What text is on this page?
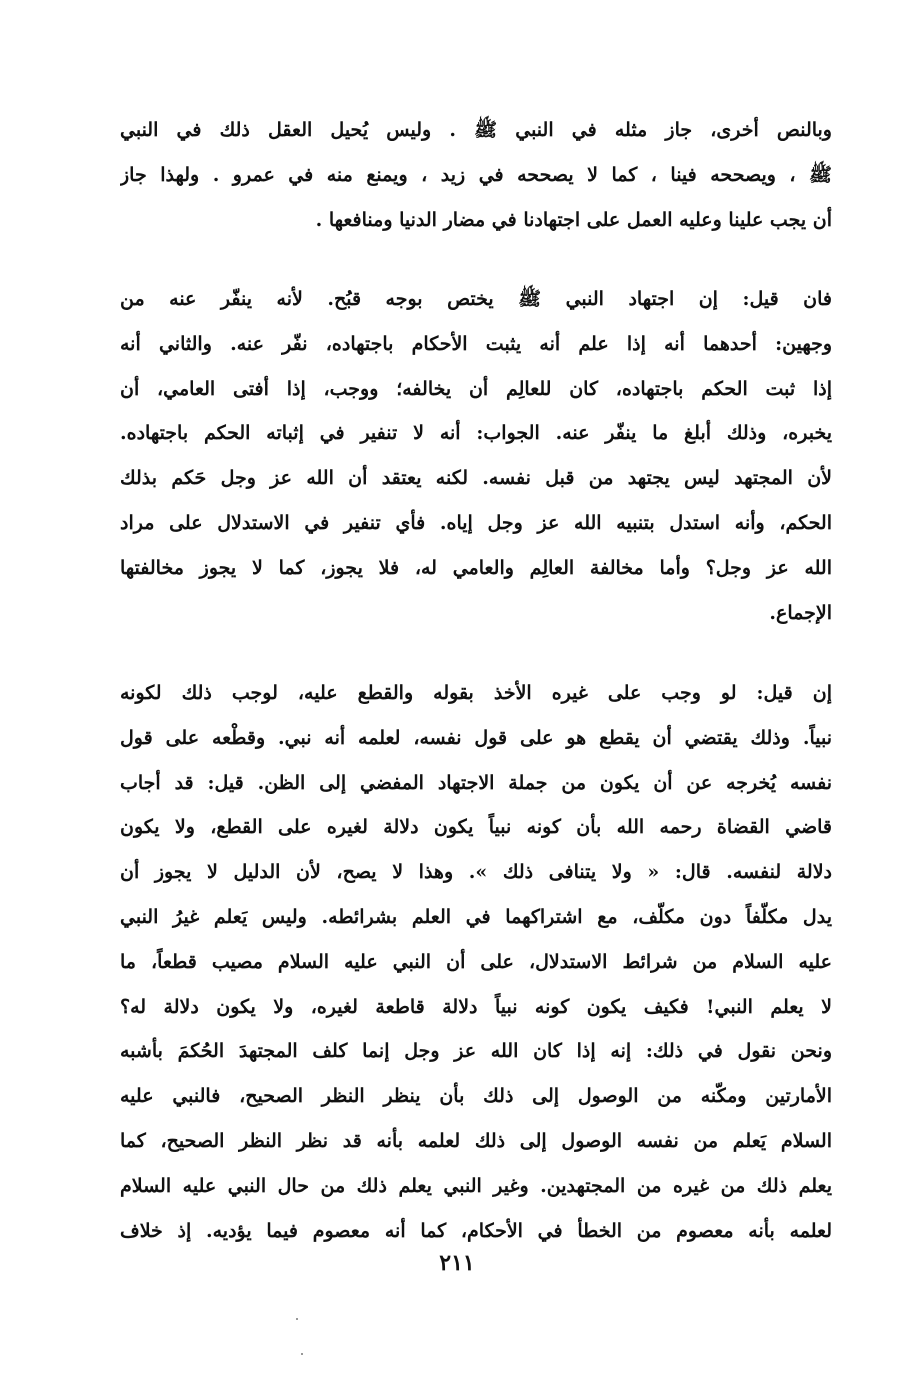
وبالنص أخرى، جاز مثله في النبي ﷺ . وليس يُحيل العقل ذلك في النبي
ﷺ ، ويصححه فينا ، كما لا يصححه في زيد ، ويمنع منه في عمرو . ولهذا جاز
أن يجب علينا وعليه العمل على اجتهادنا في مضار الدنيا ومنافعها .
فان قيل: إن اجتهاد النبي ﷺ يختص بوجه قبُح. لأنه ينفّر عنه من
وجهين: أحدهما أنه إذا علم أنه يثبت الأحكام باجتهاده، نفّر عنه. والثاني أنه
إذا ثبت الحكم باجتهاده، كان للعالِم أن يخالفه؛ ووجب، إذا أفتى العامي، أن
يخبره، وذلك أبلغ ما ينفّر عنه. الجواب: أنه لا تنفير في إثباته الحكم باجتهاده.
لأن المجتهد ليس يجتهد من قبل نفسه. لكنه يعتقد أن الله عز وجل حَكم بذلك
الحكم، وأنه استدل بتنبيه الله عز وجل إياه. فأي تنفير في الاستدلال على مراد
الله عز وجل؟ وأما مخالفة العالِم والعامي له، فلا يجوز، كما لا يجوز مخالفتها
الإجماع.
إن قيل: لو وجب على غيره الأخذ بقوله والقطع عليه، لوجب ذلك لكونه
نبياً. وذلك يقتضي أن يقطع هو على قول نفسه، لعلمه أنه نبي. وقطْعه على قول
نفسه يُخرجه عن أن يكون من جملة الاجتهاد المفضي إلى الظن. قيل: قد أجاب
قاضي القضاة رحمه الله بأن كونه نبياً يكون دلالة لغيره على القطع، ولا يكون
دلالة لنفسه. قال: « ولا يتنافى ذلك ». وهذا لا يصح، لأن الدليل لا يجوز أن
يدل مكلّفاً دون مكلّف، مع اشتراكهما في العلم بشرائطه. وليس يَعلم غيرُ النبي
عليه السلام من شرائط الاستدلال، على أن النبي عليه السلام مصيب قطعاً، ما
لا يعلم النبي! فكيف يكون كونه نبياً دلالة قاطعة لغيره، ولا يكون دلالة له؟
ونحن نقول في ذلك: إنه إذا كان الله عز وجل إنما كلف المجتهدَ الحُكمَ بأشبه
الأمارتين ومكّنه من الوصول إلى ذلك بأن ينظر النظر الصحيح، فالنبي عليه
السلام يَعلم من نفسه الوصول إلى ذلك لعلمه بأنه قد نظر النظر الصحيح، كما
يعلم ذلك من غيره من المجتهدين. وغير النبي يعلم ذلك من حال النبي عليه السلام
لعلمه بأنه معصوم من الخطأ في الأحكام، كما أنه معصوم فيما يؤديه. إذ خلاف
٢١١
